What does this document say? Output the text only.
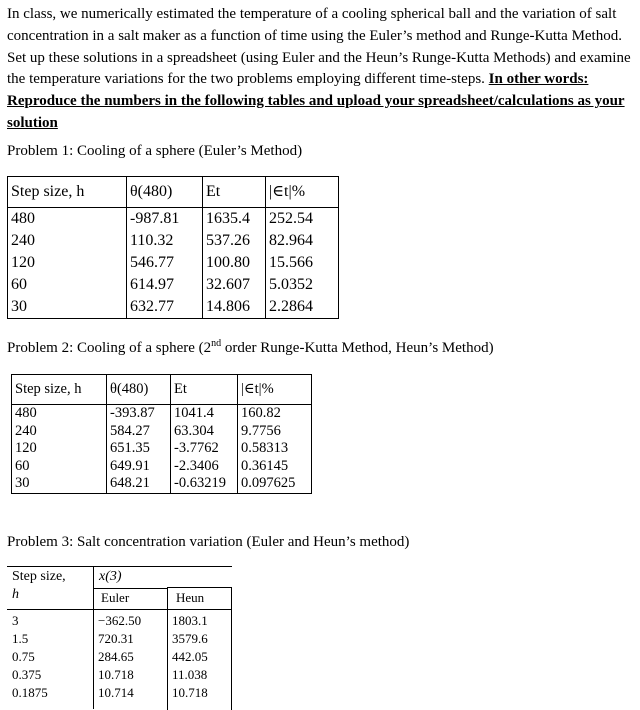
In class, we numerically estimated the temperature of a cooling spherical ball and the variation of salt concentration in a salt maker as a function of time using the Euler’s method and Runge-Kutta Method. Set up these solutions in a spreadsheet (using Euler and the Heun’s Runge-Kutta Methods) and examine the temperature variations for the two problems employing different time-steps. In other words: Reproduce the numbers in the following tables and upload your spreadsheet/calculations as your solution
Problem 1: Cooling of a sphere (Euler’s Method)
Step size, h	θ(480)	Et	|∈t|%
480	-987.81	1635.4	252.54
240	110.32	537.26	82.964
120	546.77	100.80	15.566
60	614.97	32.607	5.0352
30	632.77	14.806	2.2864
Problem 2: Cooling of a sphere (2nd order Runge-Kutta Method, Heun’s Method)
Step size, h	θ(480)	Et	|∈t|%
480	-393.87	1041.4	160.82
240	584.27	63.304	9.7756
120	651.35	-3.7762	0.58313
60	649.91	-2.3406	0.36145
30	648.21	-0.63219	0.097625
Problem 3: Salt concentration variation (Euler and Heun’s method)
Step size,
h
x(3)
Euler	Heun
3	−362.50 1803.1
1.5	720.31	3579.6
0.75	284.65	442.05
0.375	10.718	11.038
0.1875	10.714	10.718
